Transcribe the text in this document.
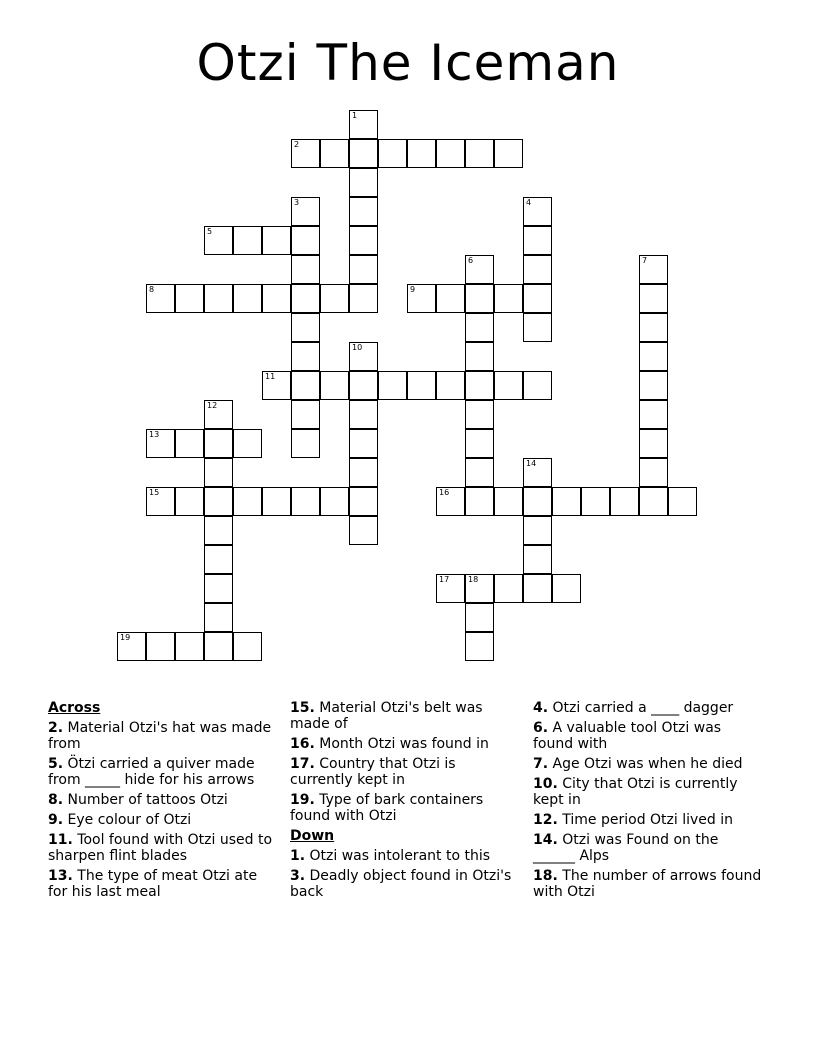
Otzi The Iceman
1
2
3	4
5
6	7
8	9
10
11
12
13
14
15	16
17 18
19
Across
2. Material Otzi's hat was made from
5. Ötzi carried a quiver made from _____ hide for his arrows
8. Number of tattoos Otzi
9. Eye colour of Otzi
11. Tool found with Otzi used to sharpen flint blades
13. The type of meat Otzi ate for his last meal
15. Material Otzi's belt was made of
16. Month Otzi was found in
17. Country that Otzi is currently kept in
19. Type of bark containers found with Otzi
Down
1. Otzi was intolerant to this
3. Deadly object found in Otzi's back
4. Otzi carried a ____ dagger
6. A valuable tool Otzi was found with
7. Age Otzi was when he died
10. City that Otzi is currently kept in
12. Time period Otzi lived in
14. Otzi was Found on the ______ Alps
18. The number of arrows found with Otzi
